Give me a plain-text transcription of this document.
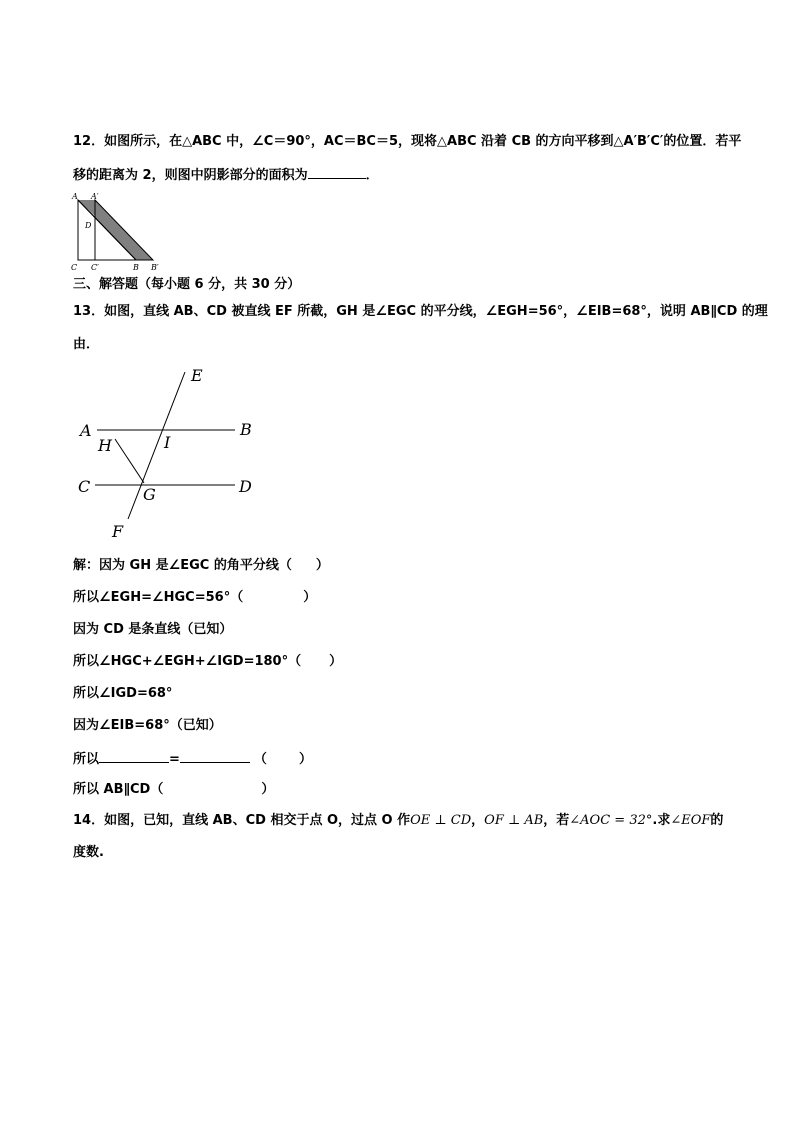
12．如图所示，在△ABC 中，∠C＝90°，AC＝BC＝5，现将△ABC 沿着 CB 的方向平移到△A′B′C′的位置．若平
移的距离为 2，则图中阴影部分的面积为	．
A A′
D
C C′	B B′
三、解答题（每小题 6 分，共 30 分）
13．如图，直线 AB、CD 被直线 EF 所截，GH 是∠EGC 的平分线，∠EGH=56°，∠EIB=68°，说明 AB∥CD 的理
由．
E
A	B
H	I
C	G	D
F
解：因为 GH 是∠EGC 的角平分线（ ）
所以∠EGH=∠HGC=56°（	）
因为 CD 是条直线（已知）
所以∠HGC+∠EGH+∠IGD=180°（ ）
所以∠IGD=68°
因为∠EIB=68°（已知）
所以	=	（ ）
所以 AB∥CD（	）
14．如图，已知，直线 AB、CD 相交于点 O，过点 O 作OE ⊥ CD，OF ⊥ AB，若∠AOC = 32°.求∠EOF的
度数.
